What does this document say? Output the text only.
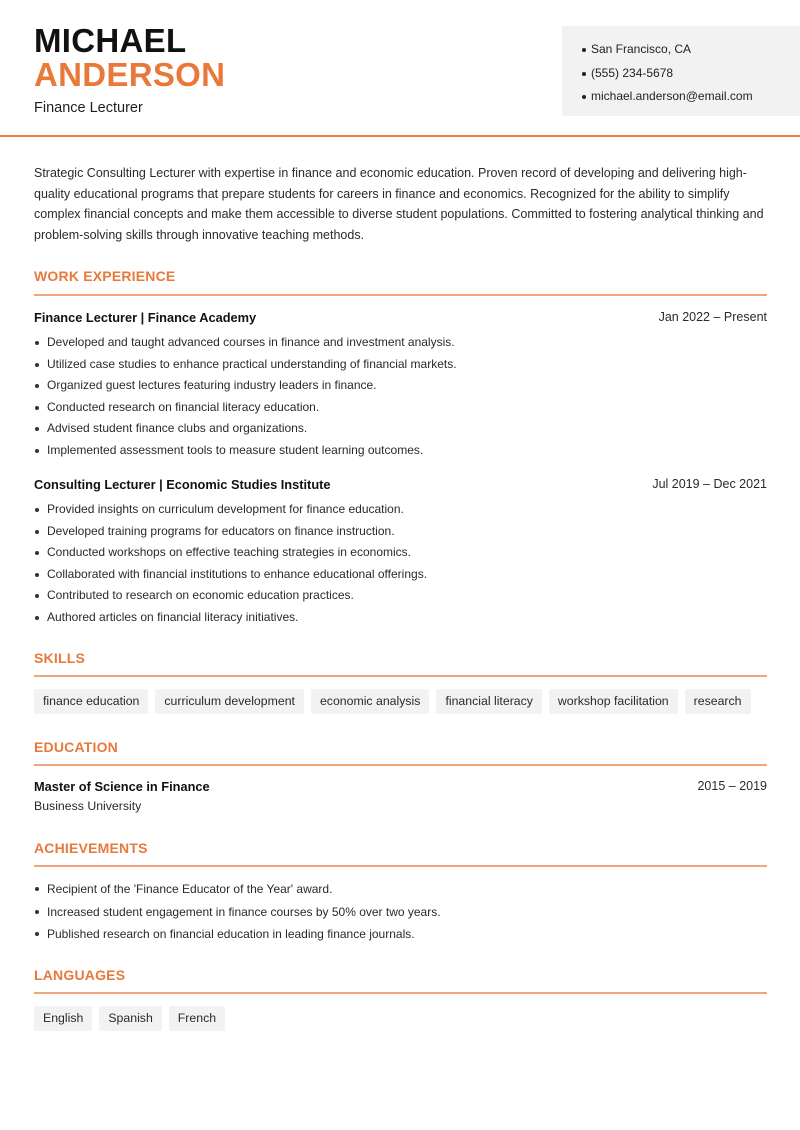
MICHAEL
ANDERSON
Finance Lecturer
San Francisco, CA
(555) 234-5678
michael.anderson@email.com

Strategic Consulting Lecturer with expertise in finance and economic education. Proven record of developing and delivering high-quality educational programs that prepare students for careers in finance and economics. Recognized for the ability to simplify complex financial concepts and make them accessible to diverse student populations. Committed to fostering analytical thinking and problem-solving skills through innovative teaching methods.

WORK EXPERIENCE
Finance Lecturer | Finance Academy	Jan 2022 – Present
Developed and taught advanced courses in finance and investment analysis.
Utilized case studies to enhance practical understanding of financial markets.
Organized guest lectures featuring industry leaders in finance.
Conducted research on financial literacy education.
Advised student finance clubs and organizations.
Implemented assessment tools to measure student learning outcomes.
Consulting Lecturer | Economic Studies Institute	Jul 2019 – Dec 2021
Provided insights on curriculum development for finance education.
Developed training programs for educators on finance instruction.
Conducted workshops on effective teaching strategies in economics.
Collaborated with financial institutions to enhance educational offerings.
Contributed to research on economic education practices.
Authored articles on financial literacy initiatives.
SKILLS
finance education	curriculum development	economic analysis	financial literacy	workshop facilitation	research
EDUCATION
Master of Science in Finance	2015 – 2019
Business University
ACHIEVEMENTS
Recipient of the 'Finance Educator of the Year' award.
Increased student engagement in finance courses by 50% over two years.
Published research on financial education in leading finance journals.
LANGUAGES
English	Spanish	French
